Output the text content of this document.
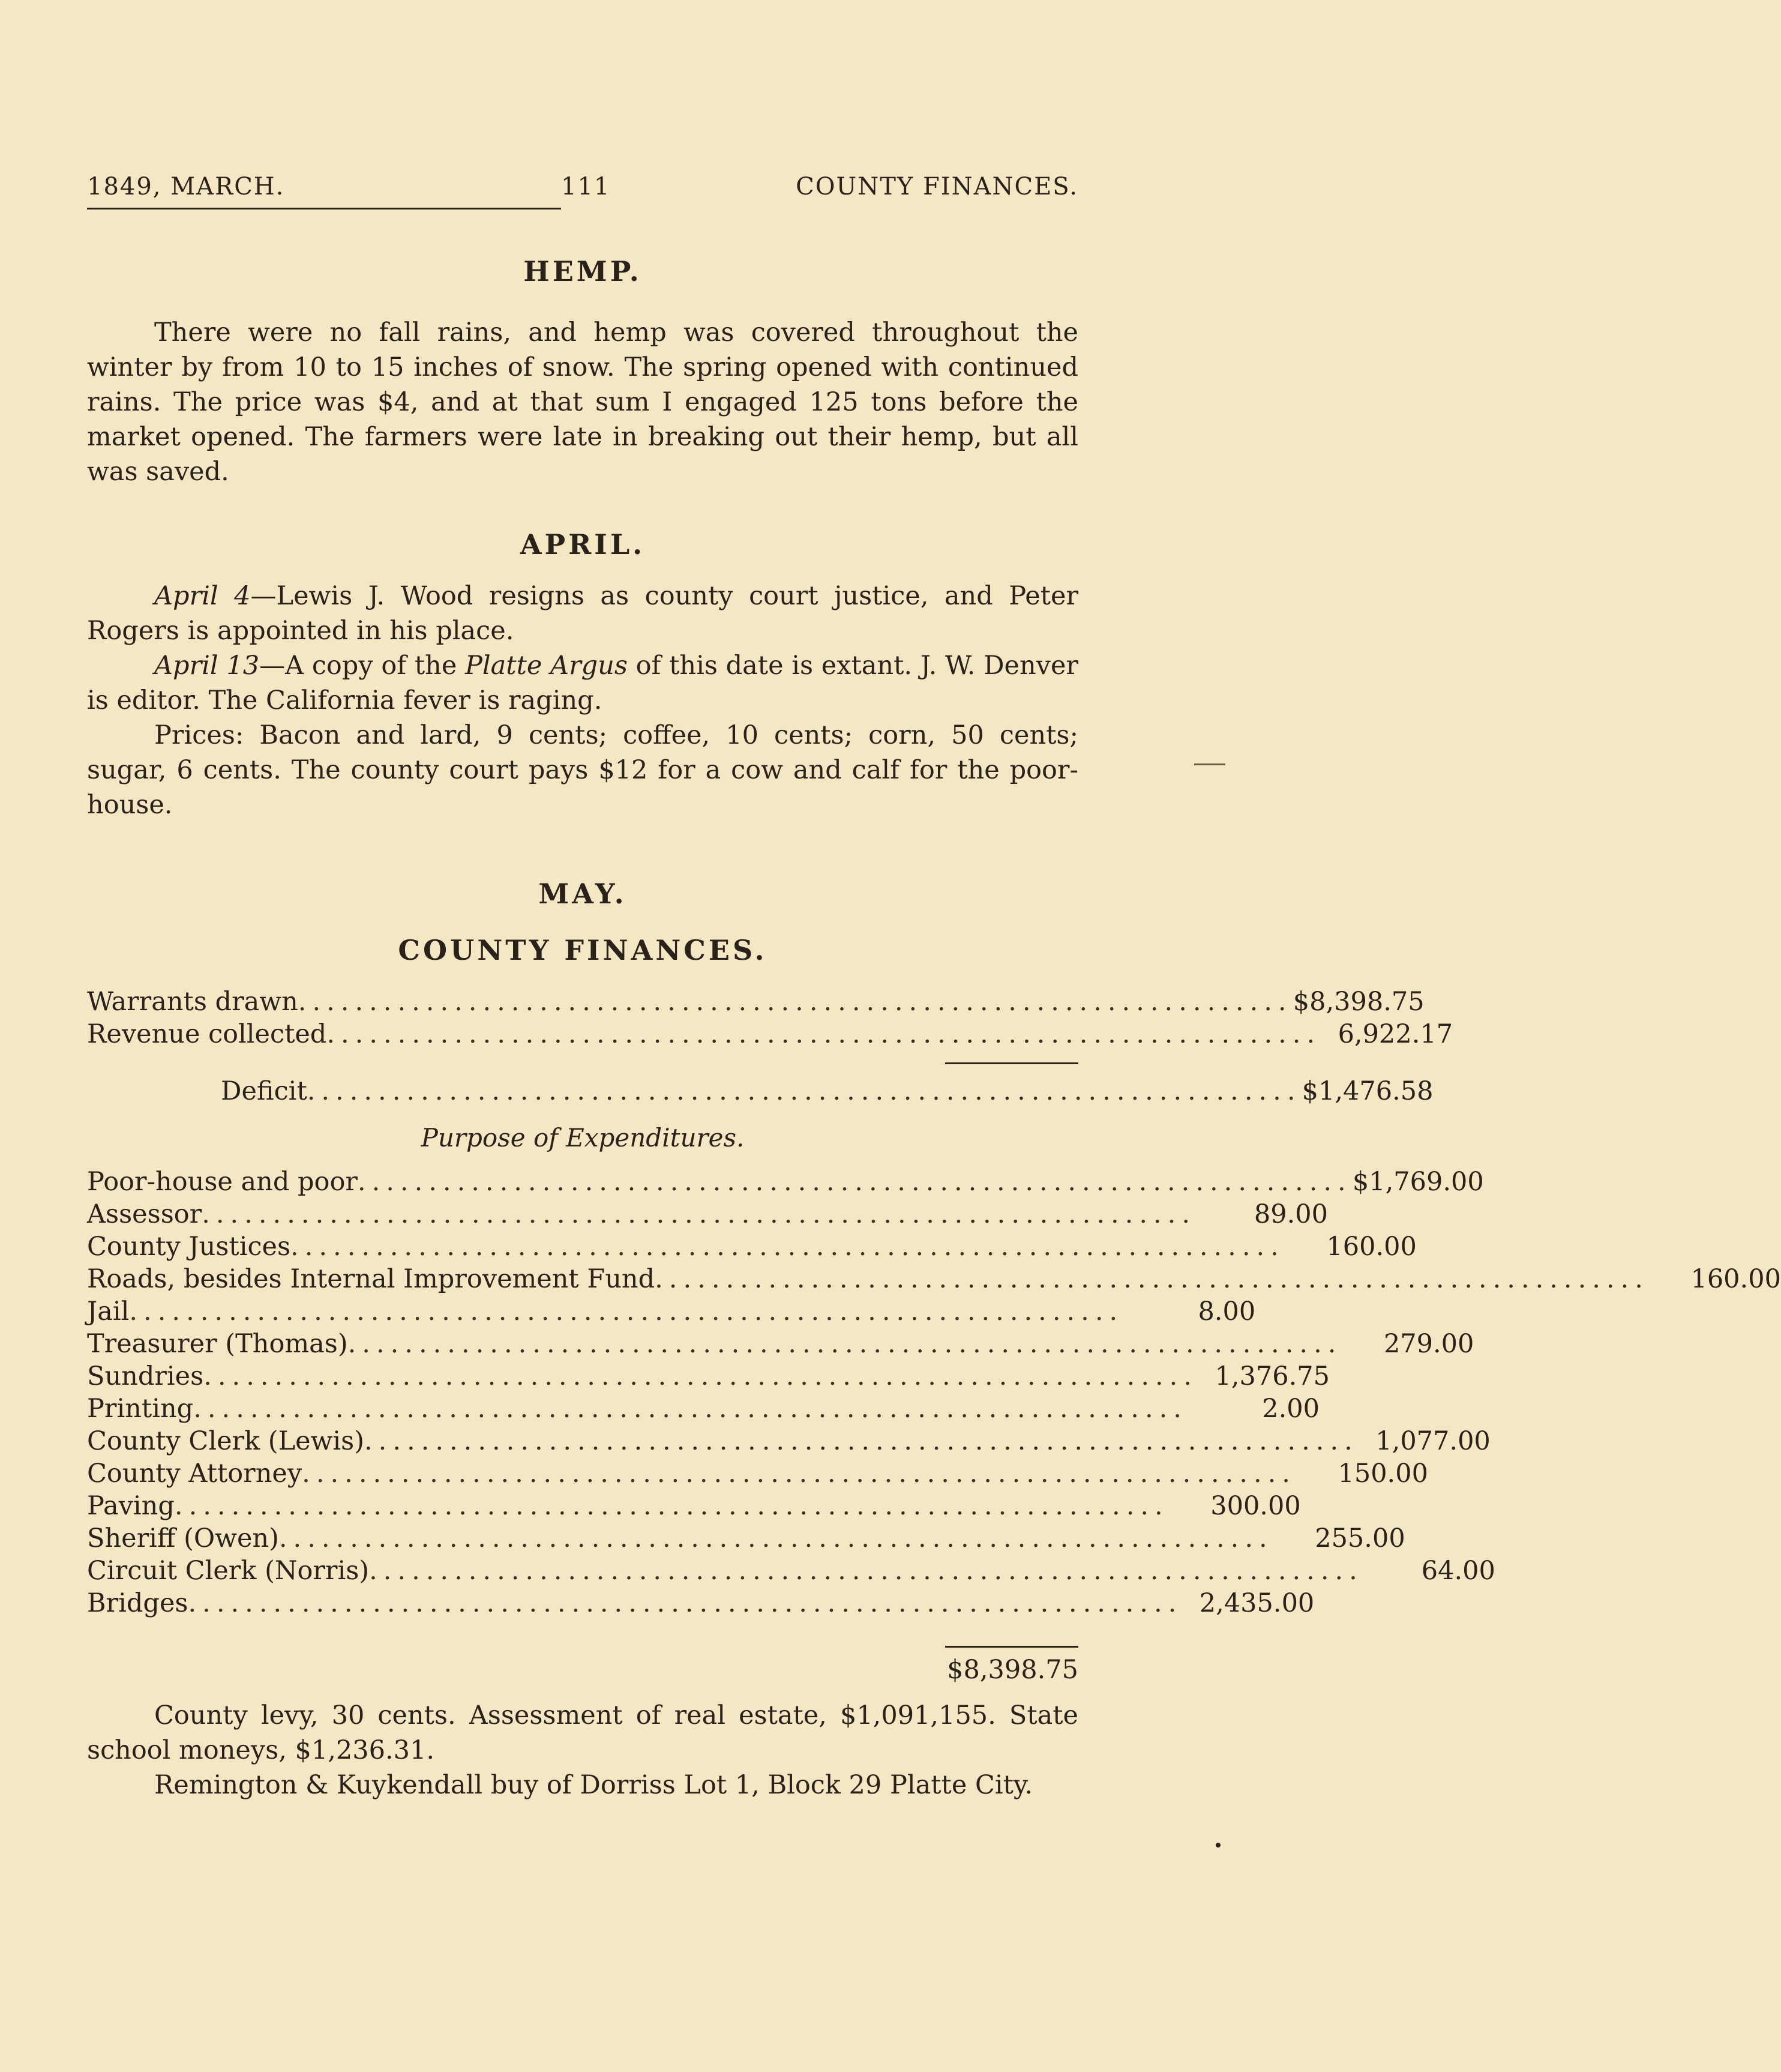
1849, MARCH.	111	COUNTY FINANCES.
HEMP.

There were no fall rains, and hemp was covered throughout the winter by from 10 to 15 inches of snow. The spring opened with continued rains. The price was $4, and at that sum I engaged 125 tons before the market opened. The farmers were late in breaking out their hemp, but all was saved.

APRIL.

April 4—Lewis J. Wood resigns as county court justice, and Peter Rogers is appointed in his place.

April 13—A copy of the Platte Argus of this date is extant. J. W. Denver is editor. The California fever is raging.

Prices: Bacon and lard, 9 cents; coffee, 10 cents; corn, 50 cents; sugar, 6 cents. The county court pays $12 for a cow and calf for the poor-house.

MAY.
COUNTY FINANCES.
Warrants drawn ...................................................................... $8,398.75
Revenue collected ...................................................................... 6,922.17
Deficit ...................................................................... $1,476.58

Purpose of Expenditures.

Poor-house and poor ...................................................................... $1,769.00
Assessor ......................................................................	89.00
County Justices ......................................................................	160.00
Roads, besides Internal Improvement Fund ......................................................................	160.00
Jail ......................................................................	8.00
Treasurer (Thomas) ......................................................................	279.00
Sundries ...................................................................... 1,376.75
Printing ......................................................................	2.00
County Clerk (Lewis) ...................................................................... 1,077.00
County Attorney ......................................................................	150.00
Paving ......................................................................	300.00
Sheriff (Owen) ......................................................................	255.00
Circuit Clerk (Norris) ......................................................................	64.00
Bridges ...................................................................... 2,435.00
$8,398.75

County levy, 30 cents. Assessment of real estate, $1,091,155. State school moneys, $1,236.31.

Remington & Kuykendall buy of Dorriss Lot 1, Block 29 Platte City.
